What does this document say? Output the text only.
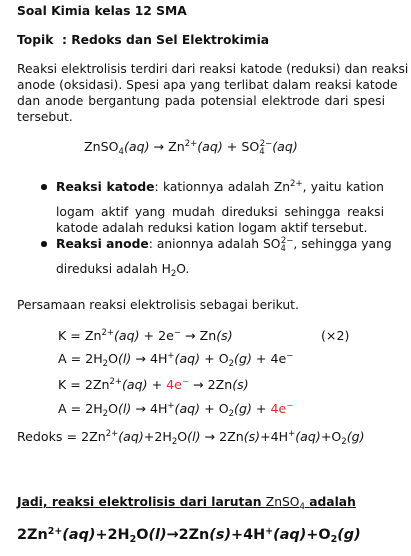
Soal Kimia kelas 12 SMA
Topik : Redoks dan Sel Elektrokimia
Reaksi elektrolisis terdiri dari reaksi katode (reduksi) dan reaksi
anode (oksidasi). Spesi apa yang terlibat dalam reaksi katode
dan anode bergantung pada potensial elektrode dari spesi
tersebut.
ZnSO$_4$(aq) → $Zn^{2+}(aq) + SO_4^{2-}(aq)$
Reaksi katode: kationnya adalah $Zn^{2+}$, yaitu kation
logam aktif yang mudah direduksi sehingga reaksi
katode adalah reduksi kation logam aktif tersebut.
Reaksi anode: anionnya adalah $SO_4^{2-}$, sehingga yang
direduksi adalah $H_2O$.
Persamaan reaksi elektrolisis sebagai berikut.
$K = Zn^{2+}(aq) + 2e^- \to Zn(s)$	(×2)
$A = 2H_2O(l) \to 4H^+(aq) + O_2(g) + 4e^-$
$K = 2Zn^{2+}(aq) + 4e^- \to 2Zn(s)$
$A = 2H_2O(l) \to 4H^+(aq) + O_2(g) + 4e^-$
Redoks = $2Zn^{2+}(aq)+2H_2O(l) \to 2Zn(s)+4H^+(aq)+O_2(g)$
Jadi, reaksi elektrolisis dari larutan ZnSO$_4$ adalah
$2Zn^{2+}(aq)+2H_2O(l)\to 2Zn(s)+4H^+(aq)+O_2(g)$
